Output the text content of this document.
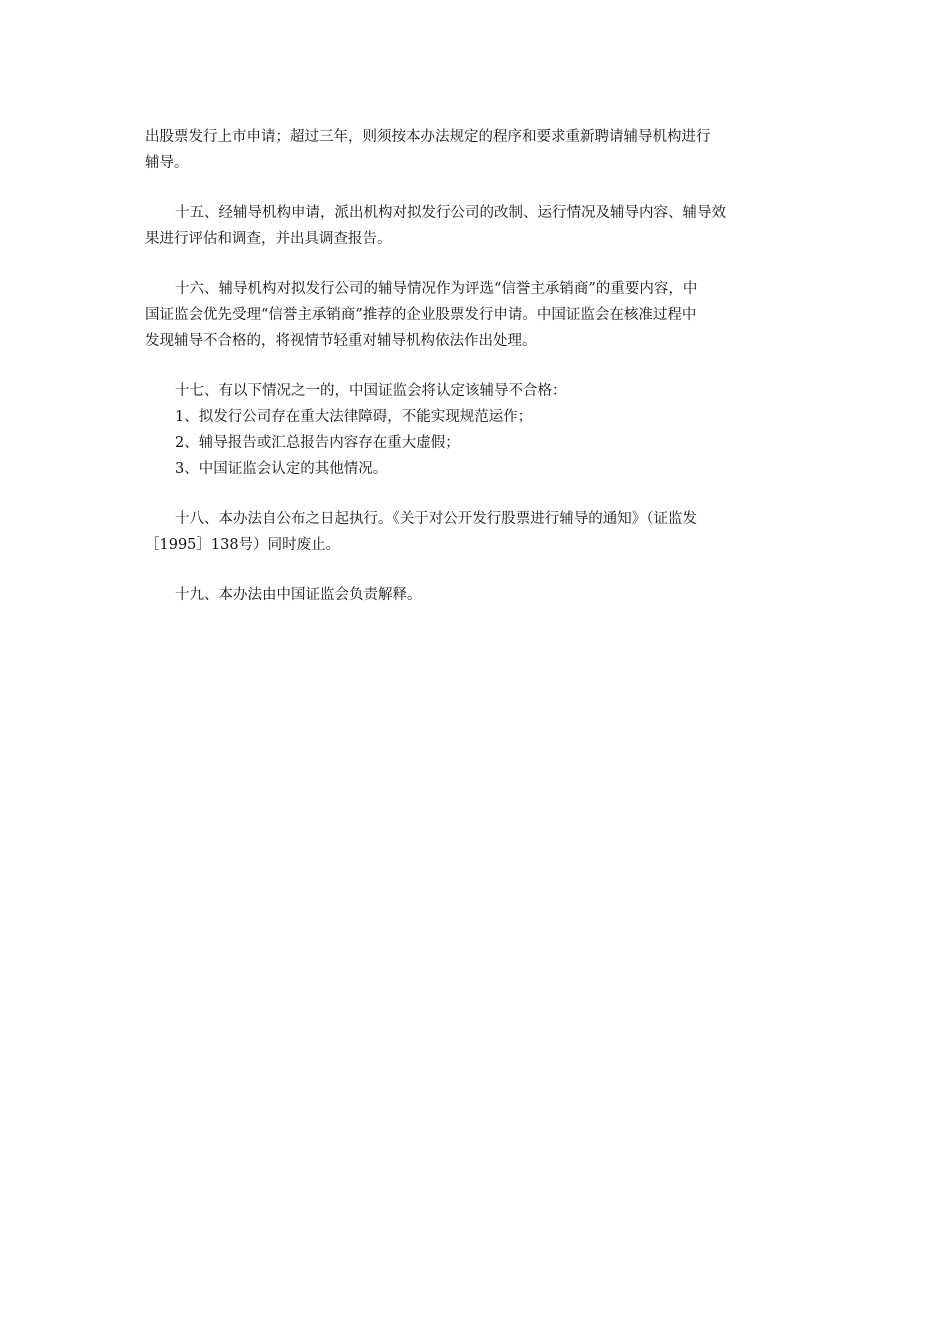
出股票发行上市申请；超过三年，则须按本办法规定的程序和要求重新聘请辅导机构进行
辅导。
十五、经辅导机构申请，派出机构对拟发行公司的改制、运行情况及辅导内容、辅导效
果进行评估和调查，并出具调查报告。
十六、辅导机构对拟发行公司的辅导情况作为评选“信誉主承销商”的重要内容，中
国证监会优先受理“信誉主承销商”推荐的企业股票发行申请。中国证监会在核准过程中
发现辅导不合格的，将视情节轻重对辅导机构依法作出处理。
十七、有以下情况之一的，中国证监会将认定该辅导不合格：
1、拟发行公司存在重大法律障碍，不能实现规范运作；
2、辅导报告或汇总报告内容存在重大虚假；
3、中国证监会认定的其他情况。
十八、本办法自公布之日起执行。《关于对公开发行股票进行辅导的通知》（证监发
［1995］138号）同时废止。
十九、本办法由中国证监会负责解释。
